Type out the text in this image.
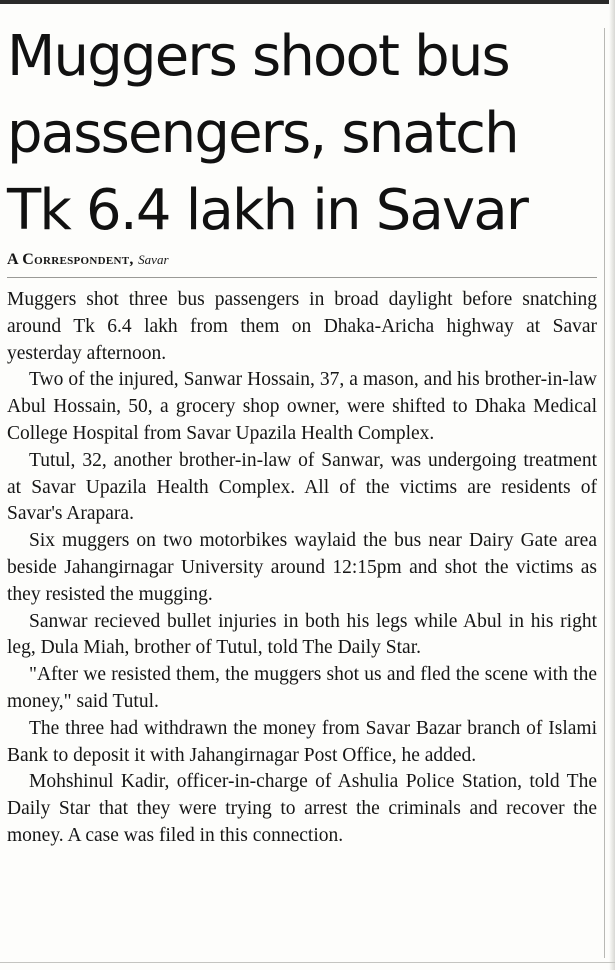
Muggers shoot bus
passengers, snatch
Tk 6.4 lakh in Savar
A Correspondent, Savar

Muggers shot three bus passengers in broad daylight before snatching around Tk 6.4 lakh from them on Dhaka-Aricha highway at Savar yesterday afternoon.

Two of the injured, Sanwar Hossain, 37, a mason, and his brother-in-law Abul Hossain, 50, a grocery shop owner, were shifted to Dhaka Medical College Hospital from Savar Upazila Health Complex.

Tutul, 32, another brother-in-law of Sanwar, was undergoing treatment at Savar Upazila Health Complex. All of the victims are residents of Savar's Arapara.

Six muggers on two motorbikes waylaid the bus near Dairy Gate area beside Jahangirnagar University around 12:15pm and shot the victims as they resisted the mugging.

Sanwar recieved bullet injuries in both his legs while Abul in his right leg, Dula Miah, brother of Tutul, told The Daily Star.

"After we resisted them, the muggers shot us and fled the scene with the money," said Tutul.

The three had withdrawn the money from Savar Bazar branch of Islami Bank to deposit it with Jahangirnagar Post Office, he added.

Mohshinul Kadir, officer-in-charge of Ashulia Police Station, told The Daily Star that they were trying to arrest the criminals and recover the money. A case was filed in this connection.
